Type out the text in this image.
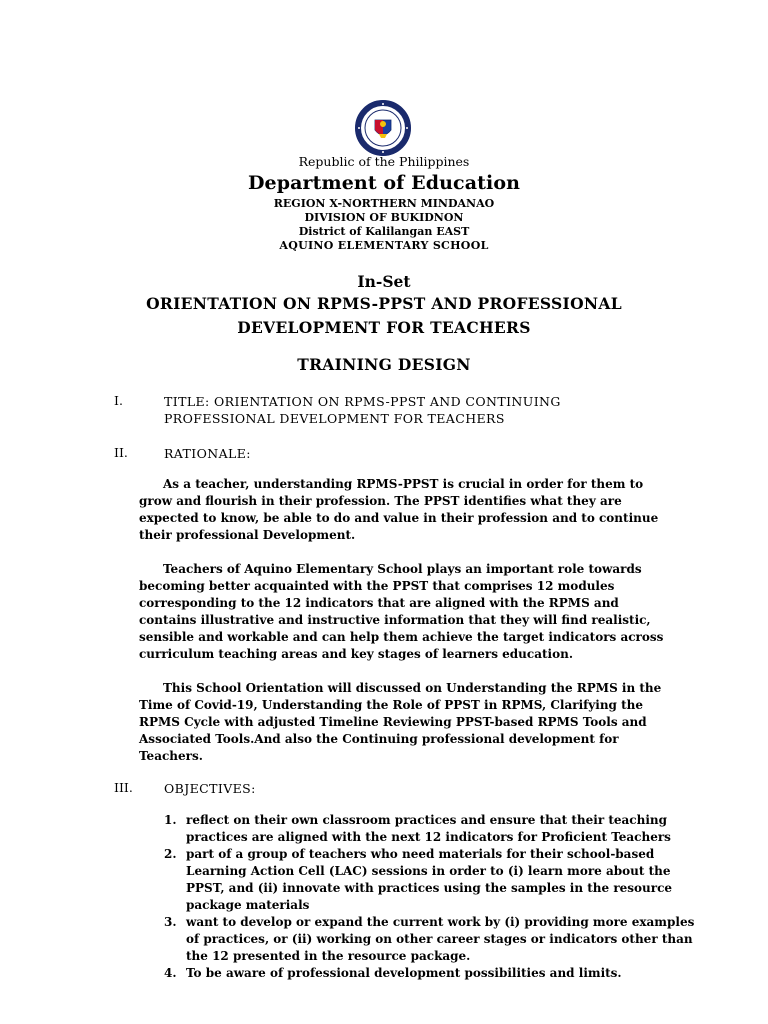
Republic of the Philippines
Department of Education
REGION X-NORTHERN MINDANAO
DIVISION OF BUKIDNON
District of Kalilangan EAST
AQUINO ELEMENTARY SCHOOL
In-Set
ORIENTATION ON RPMS-PPST AND PROFESSIONAL
DEVELOPMENT FOR TEACHERS
TRAINING DESIGN
I.	TITLE: ORIENTATION ON RPMS-PPST AND CONTINUING
PROFESSIONAL DEVELOPMENT FOR TEACHERS
II.	RATIONALE:

As a teacher, understanding RPMS-PPST is crucial in order for them to grow and flourish in their profession. The PPST identifies what they are expected to know, be able to do and value in their profession and to continue their professional Development.

Teachers of Aquino Elementary School plays an important role towards becoming better acquainted with the PPST that comprises 12 modules corresponding to the 12 indicators that are aligned with the RPMS and contains illustrative and instructive information that they will find realistic, sensible and workable and can help them achieve the target indicators across curriculum teaching areas and key stages of learners education.

This School Orientation will discussed on Understanding the RPMS in the Time of Covid-19, Understanding the Role of PPST in RPMS, Clarifying the RPMS Cycle with adjusted Timeline Reviewing PPST-based RPMS Tools and Associated Tools.And also the Continuing professional development for Teachers.

III. OBJECTIVES:
1. reflect on their own classroom practices and ensure that their teaching practices are aligned with the next 12 indicators for Proficient Teachers
2. part of a group of teachers who need materials for their school-based Learning Action Cell (LAC) sessions in order to (i) learn more about the PPST, and (ii) innovate with practices using the samples in the resource package materials
3. want to develop or expand the current work by (i) providing more examples of practices, or (ii) working on other career stages or indicators other than the 12 presented in the resource package.
4. To be aware of professional development possibilities and limits.
